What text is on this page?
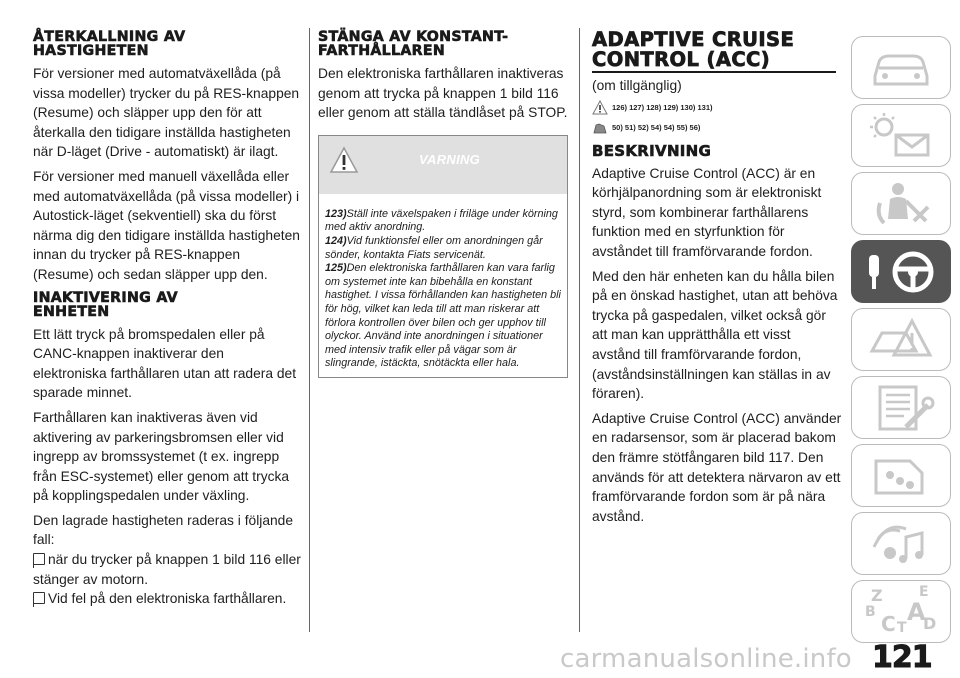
ÅTERKALLNING AV HASTIGHETEN

För versioner med automatväxellåda (på vissa modeller) trycker du på RES-knappen (Resume) och släpper upp den för att återkalla den tidigare inställda hastigheten när D-läget (Drive - automatiskt) är ilagt.

För versioner med manuell växellåda eller med automatväxellåda (på vissa modeller) i Autostick-läget (sekventiell) ska du först närma dig den tidigare inställda hastigheten innan du trycker på RES-knappen (Resume) och sedan släpper upp den.

INAKTIVERING AV ENHETEN

Ett lätt tryck på bromspedalen eller på CANC-knappen inaktiverar den elektroniska farthållaren utan att radera det sparade minnet.

Farthållaren kan inaktiveras även vid aktivering av parkeringsbromsen eller vid ingrepp av bromssystemet (t ex. ingrepp från ESC-systemet) eller genom att trycka på kopplingspedalen under växling.

Den lagrade hastigheten raderas i följande fall:

när du trycker på knappen 1 bild 116 eller stänger av motorn.
Vid fel på den elektroniska farthållaren.
STÄNGA AV KONSTANT-FARTHÅLLAREN

Den elektroniska farthållaren inaktiveras genom att trycka på knappen 1 bild 116 eller genom att ställa tändlåset på STOP.

VARNING

123)Ställ inte växelspaken i friläge under körning med aktiv anordning.

124)Vid funktionsfel eller om anordningen går sönder, kontakta Fiats servicenät.

125)Den elektroniska farthållaren kan vara farlig om systemet inte kan bibehålla en konstant hastighet. I vissa förhållanden kan hastigheten bli för hög, vilket kan leda till att man riskerar att förlora kontrollen över bilen och ger upphov till olyckor. Använd inte anordningen i situationer med intensiv trafik eller på vägar som är slingrande, istäckta, snötäckta eller hala.

ADAPTIVE CRUISE CONTROL (ACC)

(om tillgänglig)

126) 127) 128) 129) 130) 131)
50) 51) 52) 54) 54) 55) 56)
BESKRIVNING

Adaptive Cruise Control (ACC) är en körhjälpanordning som är elektroniskt styrd, som kombinerar farthållarens funktion med en styrfunktion för avståndet till framförvarande fordon.

Med den här enheten kan du hålla bilen på en önskad hastighet, utan att behöva trycka på gaspedalen, vilket också gör att man kan upprätthålla ett visst avstånd till framförvarande fordon, (avståndsinställningen kan ställas in av föraren).

Adaptive Cruise Control (ACC) använder en radarsensor, som är placerad bakom den främre stötfångaren bild 117. Den används för att detektera närvaron av ett framförvarande fordon som är på nära avstånd.

Z	E
B A
C T D
carmanualsonline.info 121
